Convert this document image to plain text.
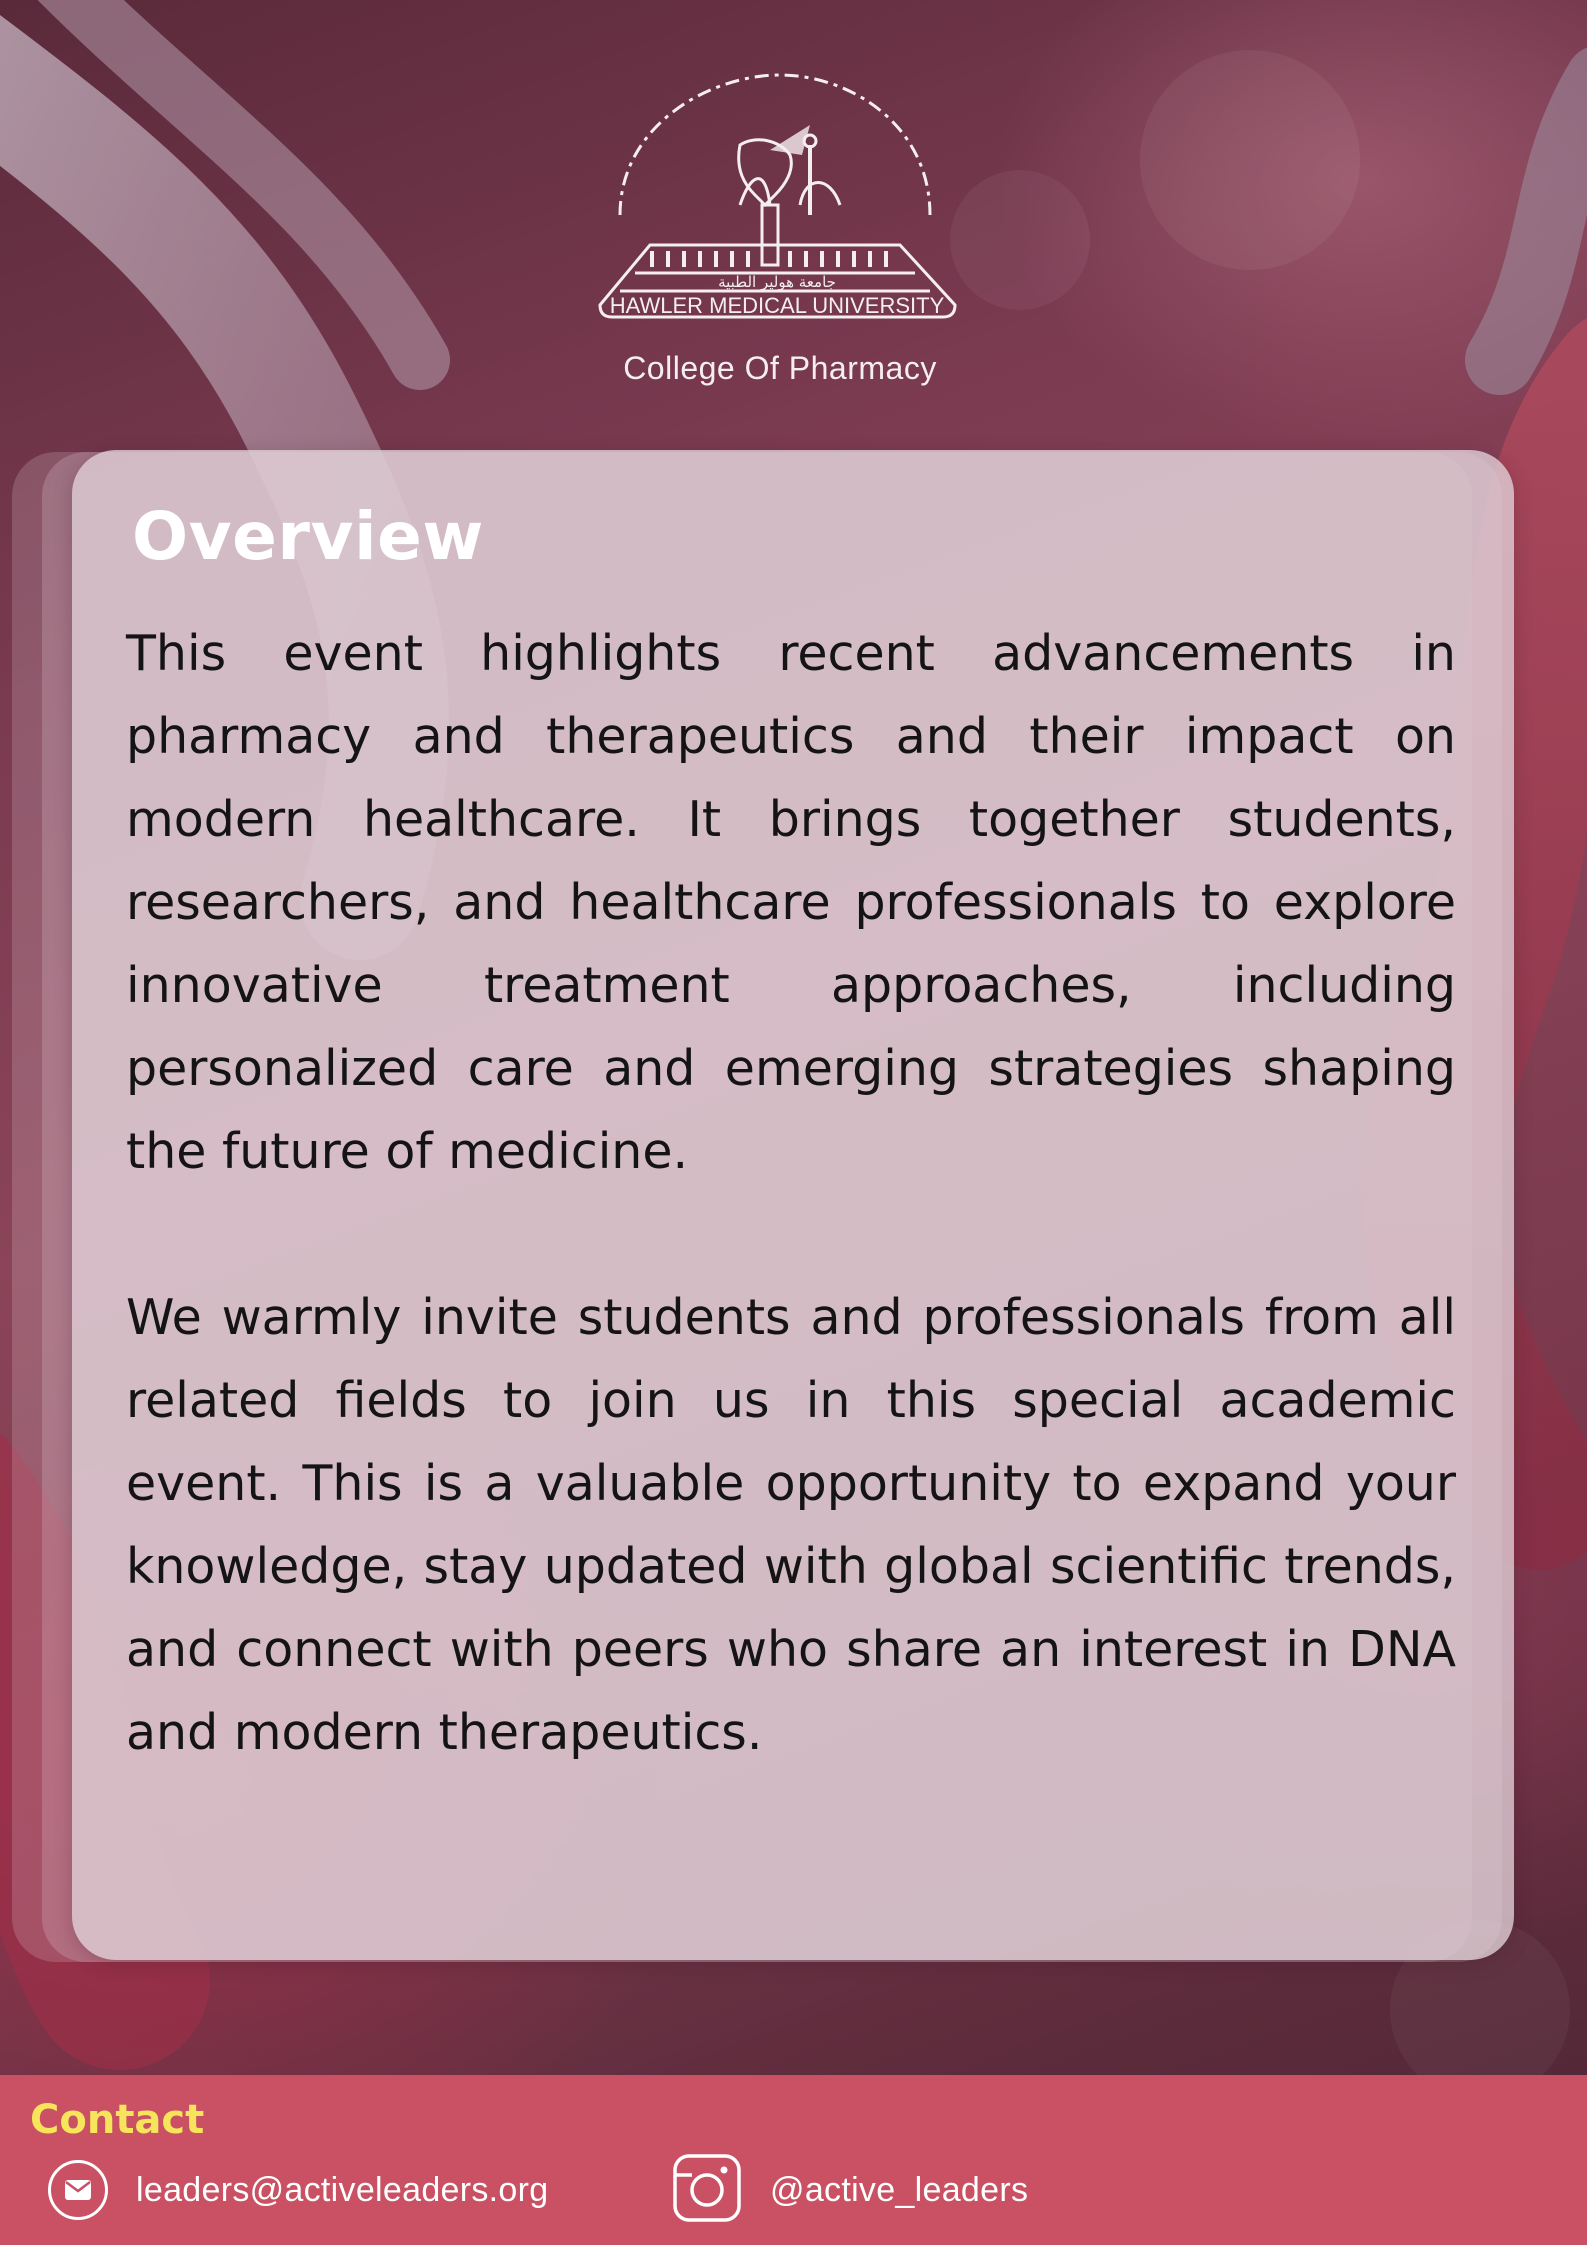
جامعة هولير الطبية
HAWLER MEDICAL UNIVERSITY
College Of Pharmacy
Overview

This event highlights recent advancements in pharmacy and therapeutics and their impact on modern healthcare. It brings together students, researchers, and healthcare professionals to explore innovative treatment approaches, including personalized care and emerging strategies shaping the future of medicine.

We warmly invite students and professionals from all related fields to join us in this special academic event. This is a valuable opportunity to expand your knowledge, stay updated with global scientific trends, and connect with peers who share an interest in DNA and modern therapeutics.

Contact
leaders@activeleaders.org	@active_leaders
